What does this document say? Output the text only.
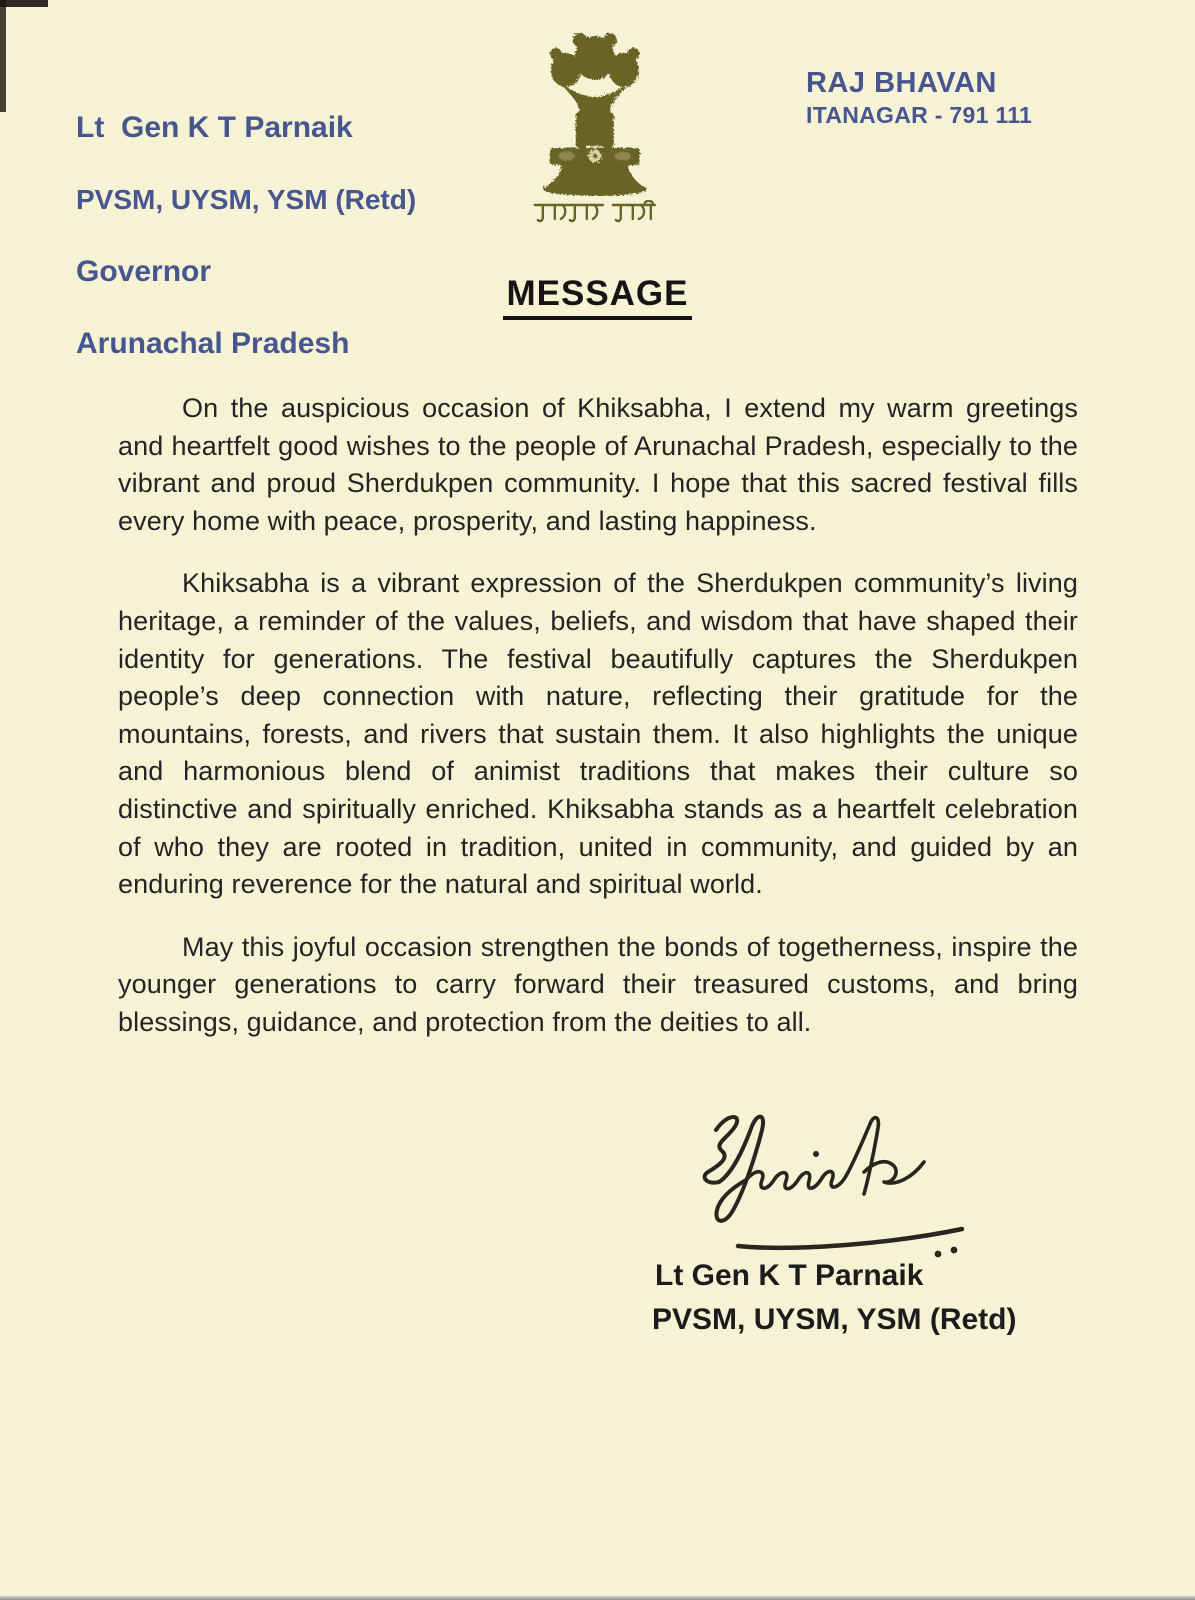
Lt  Gen K T Parnaik

PVSM, UYSM, YSM (Retd)

Governor

Arunachal Pradesh

RAJ BHAVAN
ITANAGAR - 791 111
MESSAGE

On the auspicious occasion of Khiksabha, I extend my warm greetings and heartfelt good wishes to the people of Arunachal Pradesh, especially to the vibrant and proud Sherdukpen community. I hope that this sacred festival fills every home with peace, prosperity, and lasting happiness.

Khiksabha is a vibrant expression of the Sherdukpen community’s living heritage, a reminder of the values, beliefs, and wisdom that have shaped their identity for generations. The festival beautifully captures the Sherdukpen people’s deep connection with nature, reflecting their gratitude for the mountains, forests, and rivers that sustain them. It also highlights the unique and harmonious blend of animist traditions that makes their culture so distinctive and spiritually enriched. Khiksabha stands as a heartfelt celebration of who they are rooted in tradition, united in community, and guided by an enduring reverence for the natural and spiritual world.

May this joyful occasion strengthen the bonds of togetherness, inspire the younger generations to carry forward their treasured customs, and bring blessings, guidance, and protection from the deities to all.

Lt Gen K T Parnaik
PVSM, UYSM, YSM (Retd)
